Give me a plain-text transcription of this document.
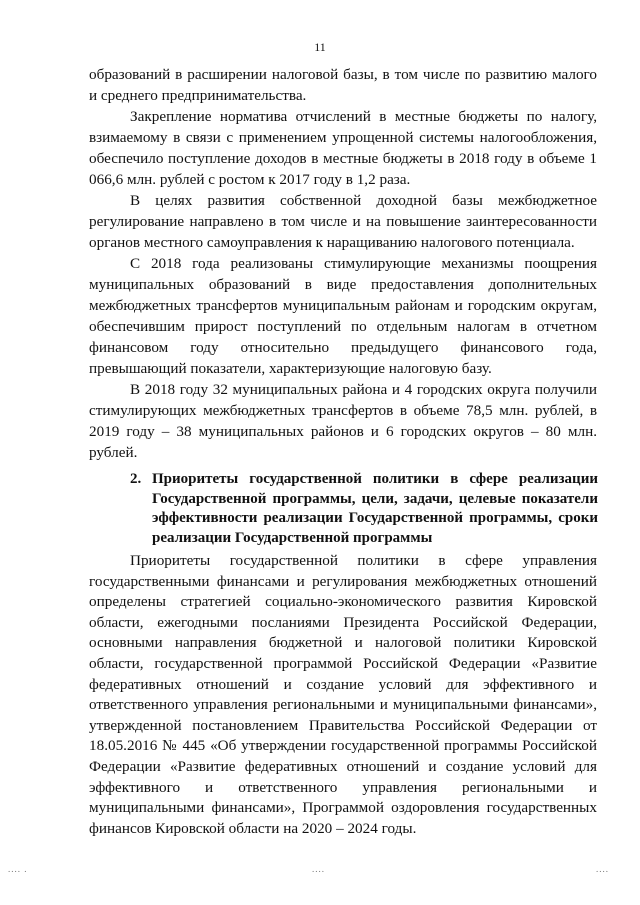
11

образований в расширении налоговой базы, в том числе по развитию малого и среднего предпринимательства.

Закрепление норматива отчислений в местные бюджеты по налогу, взимаемому в связи с применением упрощенной системы налогообложения, обеспечило поступление доходов в местные бюджеты в 2018 году в объеме 1 066,6 млн. рублей с ростом к 2017 году в 1,2 раза.

В целях развития собственной доходной базы межбюджетное регулирование направлено в том числе и на повышение заинтересованности органов местного самоуправления к наращиванию налогового потенциала.

С 2018 года реализованы стимулирующие механизмы поощрения муниципальных образований в виде предоставления дополнительных межбюджетных трансфертов муниципальным районам и городским округам, обеспечившим прирост поступлений по отдельным налогам в отчетном финансовом году относительно предыдущего финансового года, превышающий показатели, характеризующие налоговую базу.

В 2018 году 32 муниципальных района и 4 городских округа получили стимулирующих межбюджетных трансфертов в объеме 78,5 млн. рублей, в 2019 году – 38 муниципальных районов и 6 городских округов – 80 млн. рублей.

2. Приоритеты государственной политики в сфере реализации Государственной программы, цели, задачи, целевые показатели эффективности реализации Государственной программы, сроки реализации Государственной программы

Приоритеты государственной политики в сфере управления государственными финансами и регулирования межбюджетных отношений определены стратегией социально-экономического развития Кировской области, ежегодными посланиями Президента Российской Федерации, основными направления бюджетной и налоговой политики Кировской области, государственной программой Российской Федерации «Развитие федеративных отношений и создание условий для эффективного и ответственного управления региональными и муниципальными финансами», утвержденной постановлением Правительства Российской Федерации от 18.05.2016 № 445 «Об утверждении государственной программы Российской Федерации «Развитие федеративных отношений и создание условий для эффективного и ответственного управления региональными и муниципальными финансами», Программой оздоровления государственных финансов Кировской области на 2020 – 2024 годы.

.... .	....	....
